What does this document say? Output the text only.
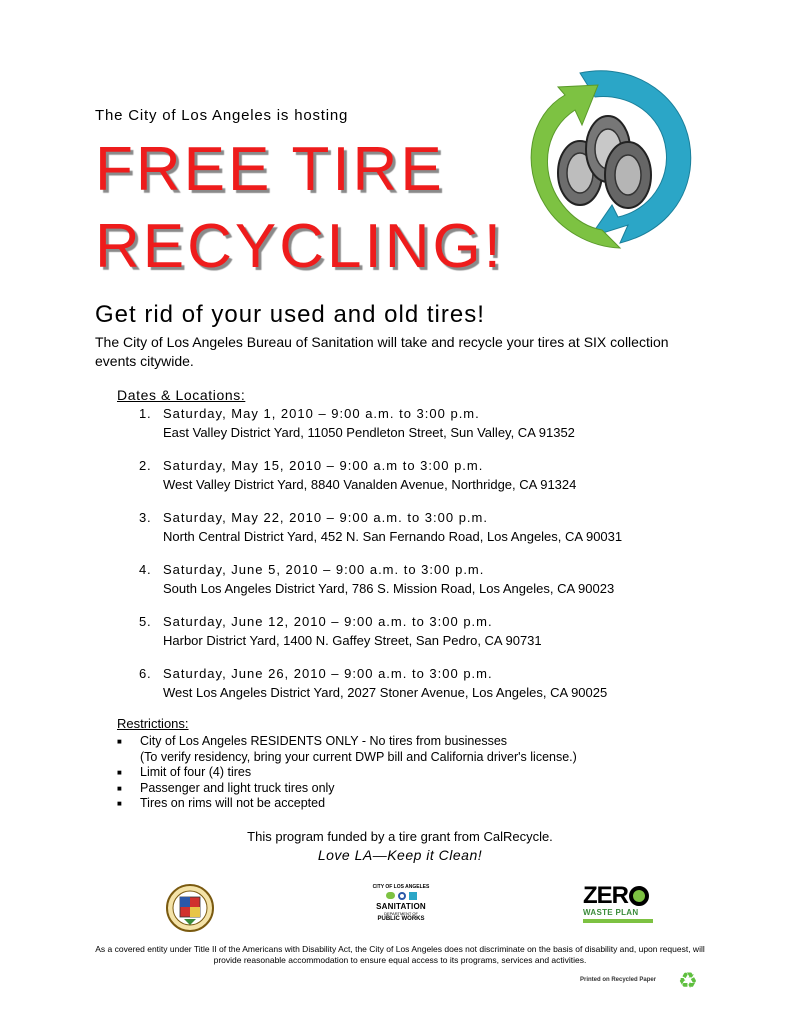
The City of Los Angeles is hosting
FREE TIRE
RECYCLING!
Get rid of your used and old tires!
The City of Los Angeles Bureau of Sanitation will take and recycle your tires at SIX collection events citywide.
Dates & Locations:
1. Saturday, May 1, 2010 – 9:00 a.m. to 3:00 p.m.
East Valley District Yard, 11050 Pendleton Street, Sun Valley, CA 91352
2. Saturday, May 15, 2010 – 9:00 a.m to 3:00 p.m.
West Valley District Yard, 8840 Vanalden Avenue, Northridge, CA 91324
3. Saturday, May 22, 2010 – 9:00 a.m. to 3:00 p.m.
North Central District Yard, 452 N. San Fernando Road, Los Angeles, CA 90031
4. Saturday, June 5, 2010 – 9:00 a.m. to 3:00 p.m.
South Los Angeles District Yard, 786 S. Mission Road, Los Angeles, CA 90023
5. Saturday, June 12, 2010 – 9:00 a.m. to 3:00 p.m.
Harbor District Yard, 1400 N. Gaffey Street, San Pedro, CA 90731
6. Saturday, June 26, 2010 – 9:00 a.m. to 3:00 p.m.
West Los Angeles District Yard, 2027 Stoner Avenue, Los Angeles, CA 90025
Restrictions:
■ City of Los Angeles RESIDENTS ONLY - No tires from businesses
(To verify residency, bring your current DWP bill and California driver's license.)
■ Limit of four (4) tires
■ Passenger and light truck tires only
■ Tires on rims will not be accepted
This program funded by a tire grant from CalRecycle.
Love LA—Keep it Clean!
CITY OF LOS ANGELES
SANITATION
DEPARTMENT OF
PUBLIC WORKS
ZER
WASTE PLAN
As a covered entity under Title II of the Americans with Disability Act, the City of Los Angeles does not discriminate on the basis of disability and, upon request, will provide reasonable accommodation to ensure equal access to its programs, services and activities.
Printed on Recycled Paper ♻
